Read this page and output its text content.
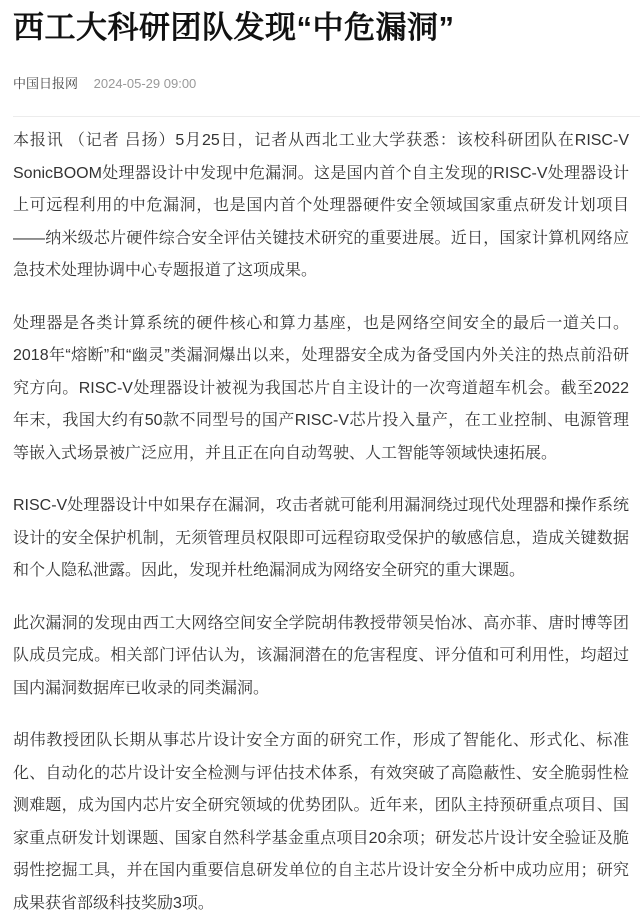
西工大科研团队发现“中危漏洞”
中国日报网 2024-05-29 09:00

本报讯 （记者 吕扬）5月25日，记者从西北工业大学获悉：该校科研团队在RISC-V SonicBOOM处理器设计中发现中危漏洞。这是国内首个自主发现的RISC-V处理器设计上可远程利用的中危漏洞，也是国内首个处理器硬件安全领域国家重点研发计划项目——纳米级芯片硬件综合安全评估关键技术研究的重要进展。近日，国家计算机网络应急技术处理协调中心专题报道了这项成果。

处理器是各类计算系统的硬件核心和算力基座，也是网络空间安全的最后一道关口。2018年“熔断”和“幽灵”类漏洞爆出以来，处理器安全成为备受国内外关注的热点前沿研究方向。RISC-V处理器设计被视为我国芯片自主设计的一次弯道超车机会。截至2022年末，我国大约有50款不同型号的国产RISC-V芯片投入量产，在工业控制、电源管理等嵌入式场景被广泛应用，并且正在向自动驾驶、人工智能等领域快速拓展。

RISC-V处理器设计中如果存在漏洞，攻击者就可能利用漏洞绕过现代处理器和操作系统设计的安全保护机制，无须管理员权限即可远程窃取受保护的敏感信息，造成关键数据和个人隐私泄露。因此，发现并杜绝漏洞成为网络安全研究的重大课题。

此次漏洞的发现由西工大网络空间安全学院胡伟教授带领吴怡冰、高亦菲、唐时博等团队成员完成。相关部门评估认为，该漏洞潜在的危害程度、评分值和可利用性，均超过国内漏洞数据库已收录的同类漏洞。

胡伟教授团队长期从事芯片设计安全方面的研究工作，形成了智能化、形式化、标准化、自动化的芯片设计安全检测与评估技术体系，有效突破了高隐蔽性、安全脆弱性检测难题，成为国内芯片安全研究领域的优势团队。近年来，团队主持预研重点项目、国家重点研发计划课题、国家自然科学基金重点项目20余项；研发芯片设计安全验证及脆弱性挖掘工具，并在国内重要信息研发单位的自主芯片设计安全分析中成功应用；研究成果获省部级科技奖励3项。
